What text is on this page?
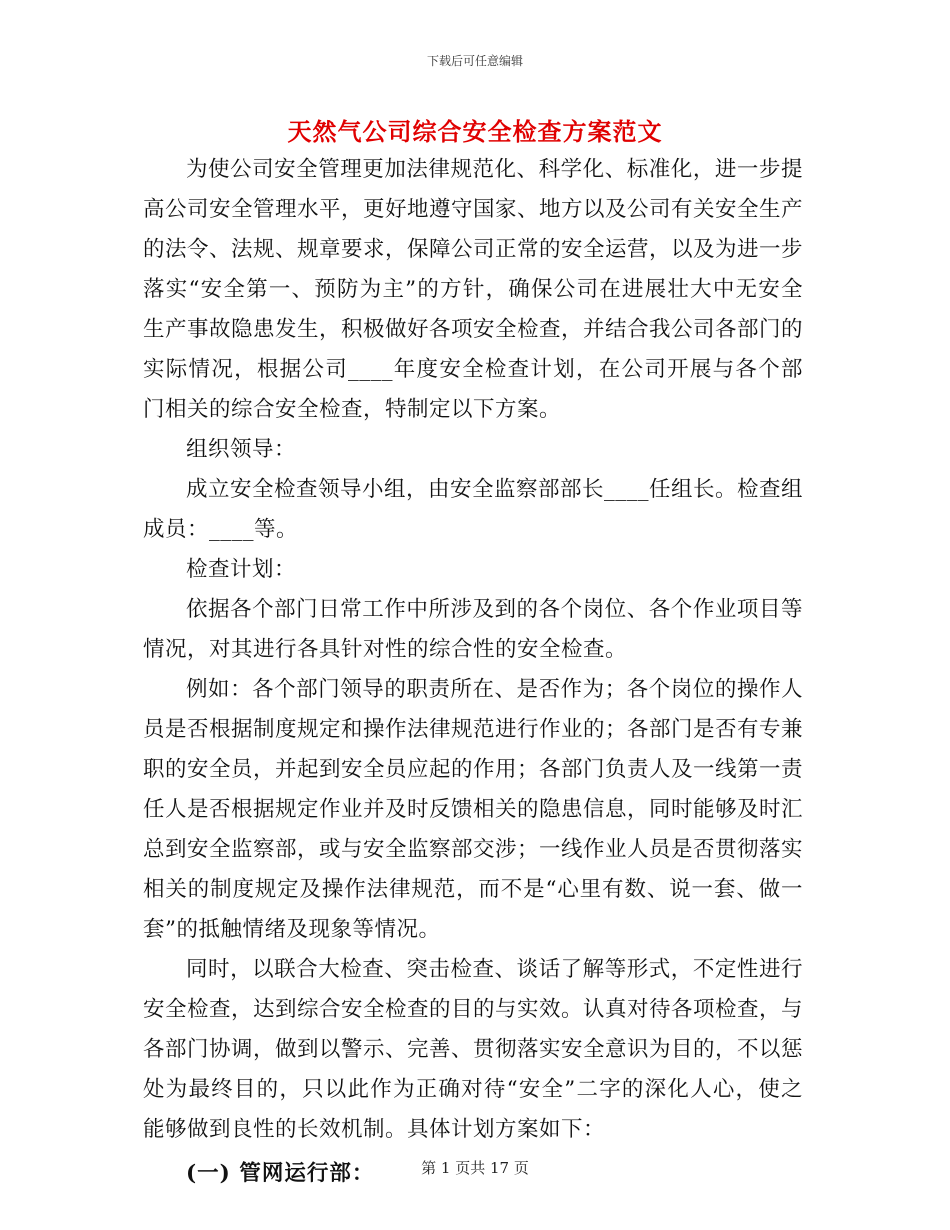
下载后可任意编辑
天然气公司综合安全检查方案范文

为使公司安全管理更加法律规范化、科学化、标准化，进一步提高公司安全管理水平，更好地遵守国家、地方以及公司有关安全生产的法令、法规、规章要求，保障公司正常的安全运营，以及为进一步落实“安全第一、预防为主”的方针，确保公司在进展壮大中无安全生产事故隐患发生，积极做好各项安全检查，并结合我公司各部门的实际情况，根据公司____年度安全检查计划，在公司开展与各个部门相关的综合安全检查，特制定以下方案。

组织领导：

成立安全检查领导小组，由安全监察部部长____任组长。检查组成员：____等。

检查计划：

依据各个部门日常工作中所涉及到的各个岗位、各个作业项目等情况，对其进行各具针对性的综合性的安全检查。

例如：各个部门领导的职责所在、是否作为；各个岗位的操作人员是否根据制度规定和操作法律规范进行作业的；各部门是否有专兼职的安全员，并起到安全员应起的作用；各部门负责人及一线第一责任人是否根据规定作业并及时反馈相关的隐患信息，同时能够及时汇总到安全监察部，或与安全监察部交涉；一线作业人员是否贯彻落实相关的制度规定及操作法律规范，而不是“心里有数、说一套、做一套”的抵触情绪及现象等情况。

同时，以联合大检查、突击检查、谈话了解等形式，不定性进行安全检查，达到综合安全检查的目的与实效。认真对待各项检查，与各部门协调，做到以警示、完善、贯彻落实安全意识为目的，不以惩处为最终目的，只以此作为正确对待“安全”二字的深化人心，使之能够做到良性的长效机制。具体计划方案如下：

(一) 管网运行部：	第 1 页共 17 页
